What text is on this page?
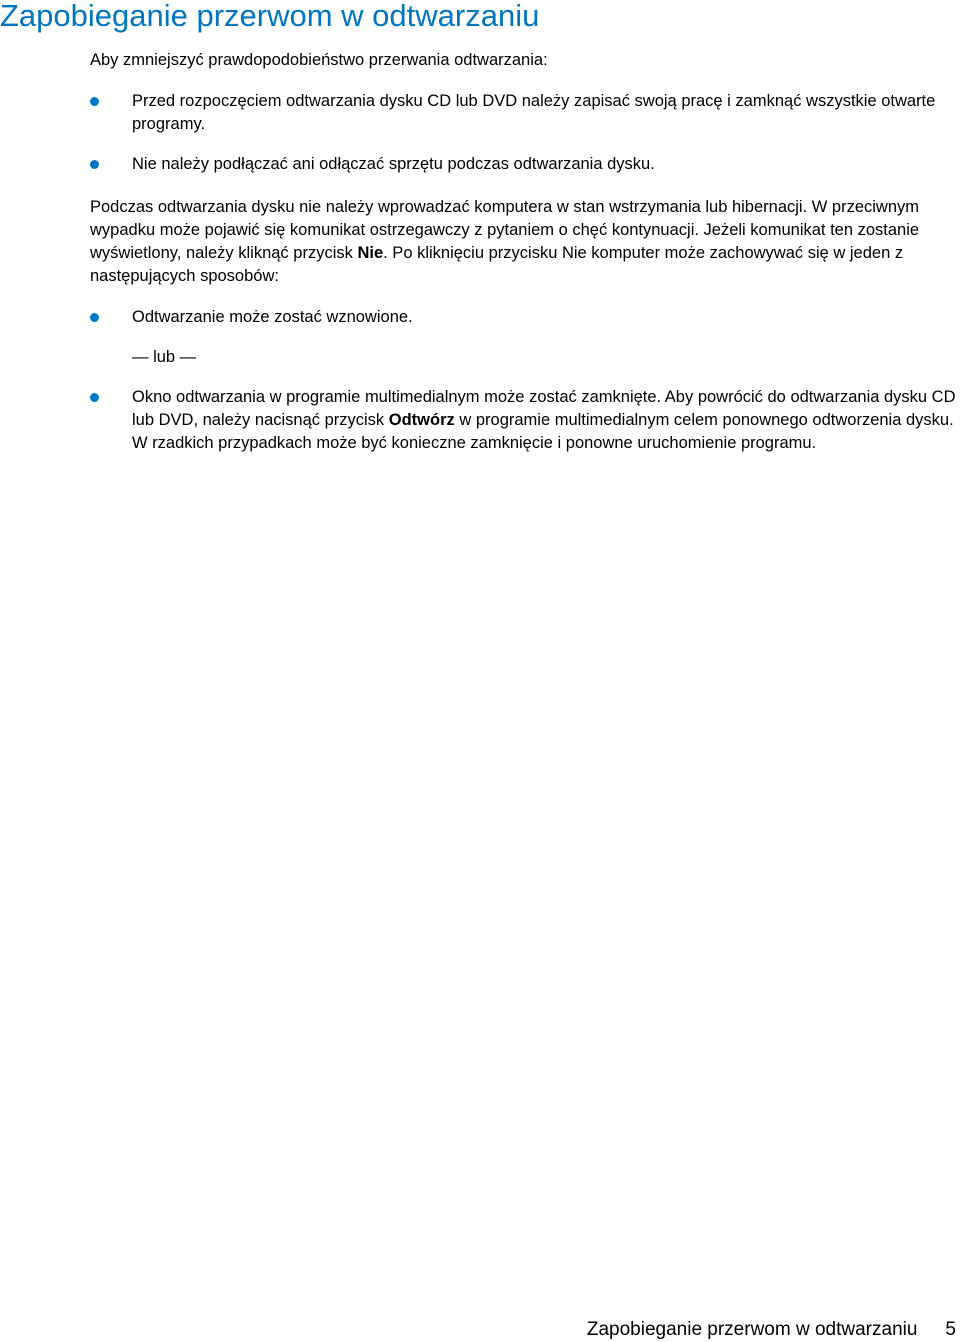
Zapobieganie przerwom w odtwarzaniu

Aby zmniejszyć prawdopodobieństwo przerwania odtwarzania:

Przed rozpoczęciem odtwarzania dysku CD lub DVD należy zapisać swoją pracę i zamknąć wszystkie otwarte programy.

Nie należy podłączać ani odłączać sprzętu podczas odtwarzania dysku.

Podczas odtwarzania dysku nie należy wprowadzać komputera w stan wstrzymania lub hibernacji. W przeciwnym wypadku może pojawić się komunikat ostrzegawczy z pytaniem o chęć kontynuacji. Jeżeli komunikat ten zostanie wyświetlony, należy kliknąć przycisk Nie. Po kliknięciu przycisku Nie komputer może zachowywać się w jeden z następujących sposobów:

Odtwarzanie może zostać wznowione.

— lub —

Okno odtwarzania w programie multimedialnym może zostać zamknięte. Aby powrócić do odtwarzania dysku CD lub DVD, należy nacisnąć przycisk Odtwórz w programie multimedialnym celem ponownego odtworzenia dysku. W rzadkich przypadkach może być konieczne zamknięcie i ponowne uruchomienie programu.

Zapobieganie przerwom w odtwarzaniu 5
